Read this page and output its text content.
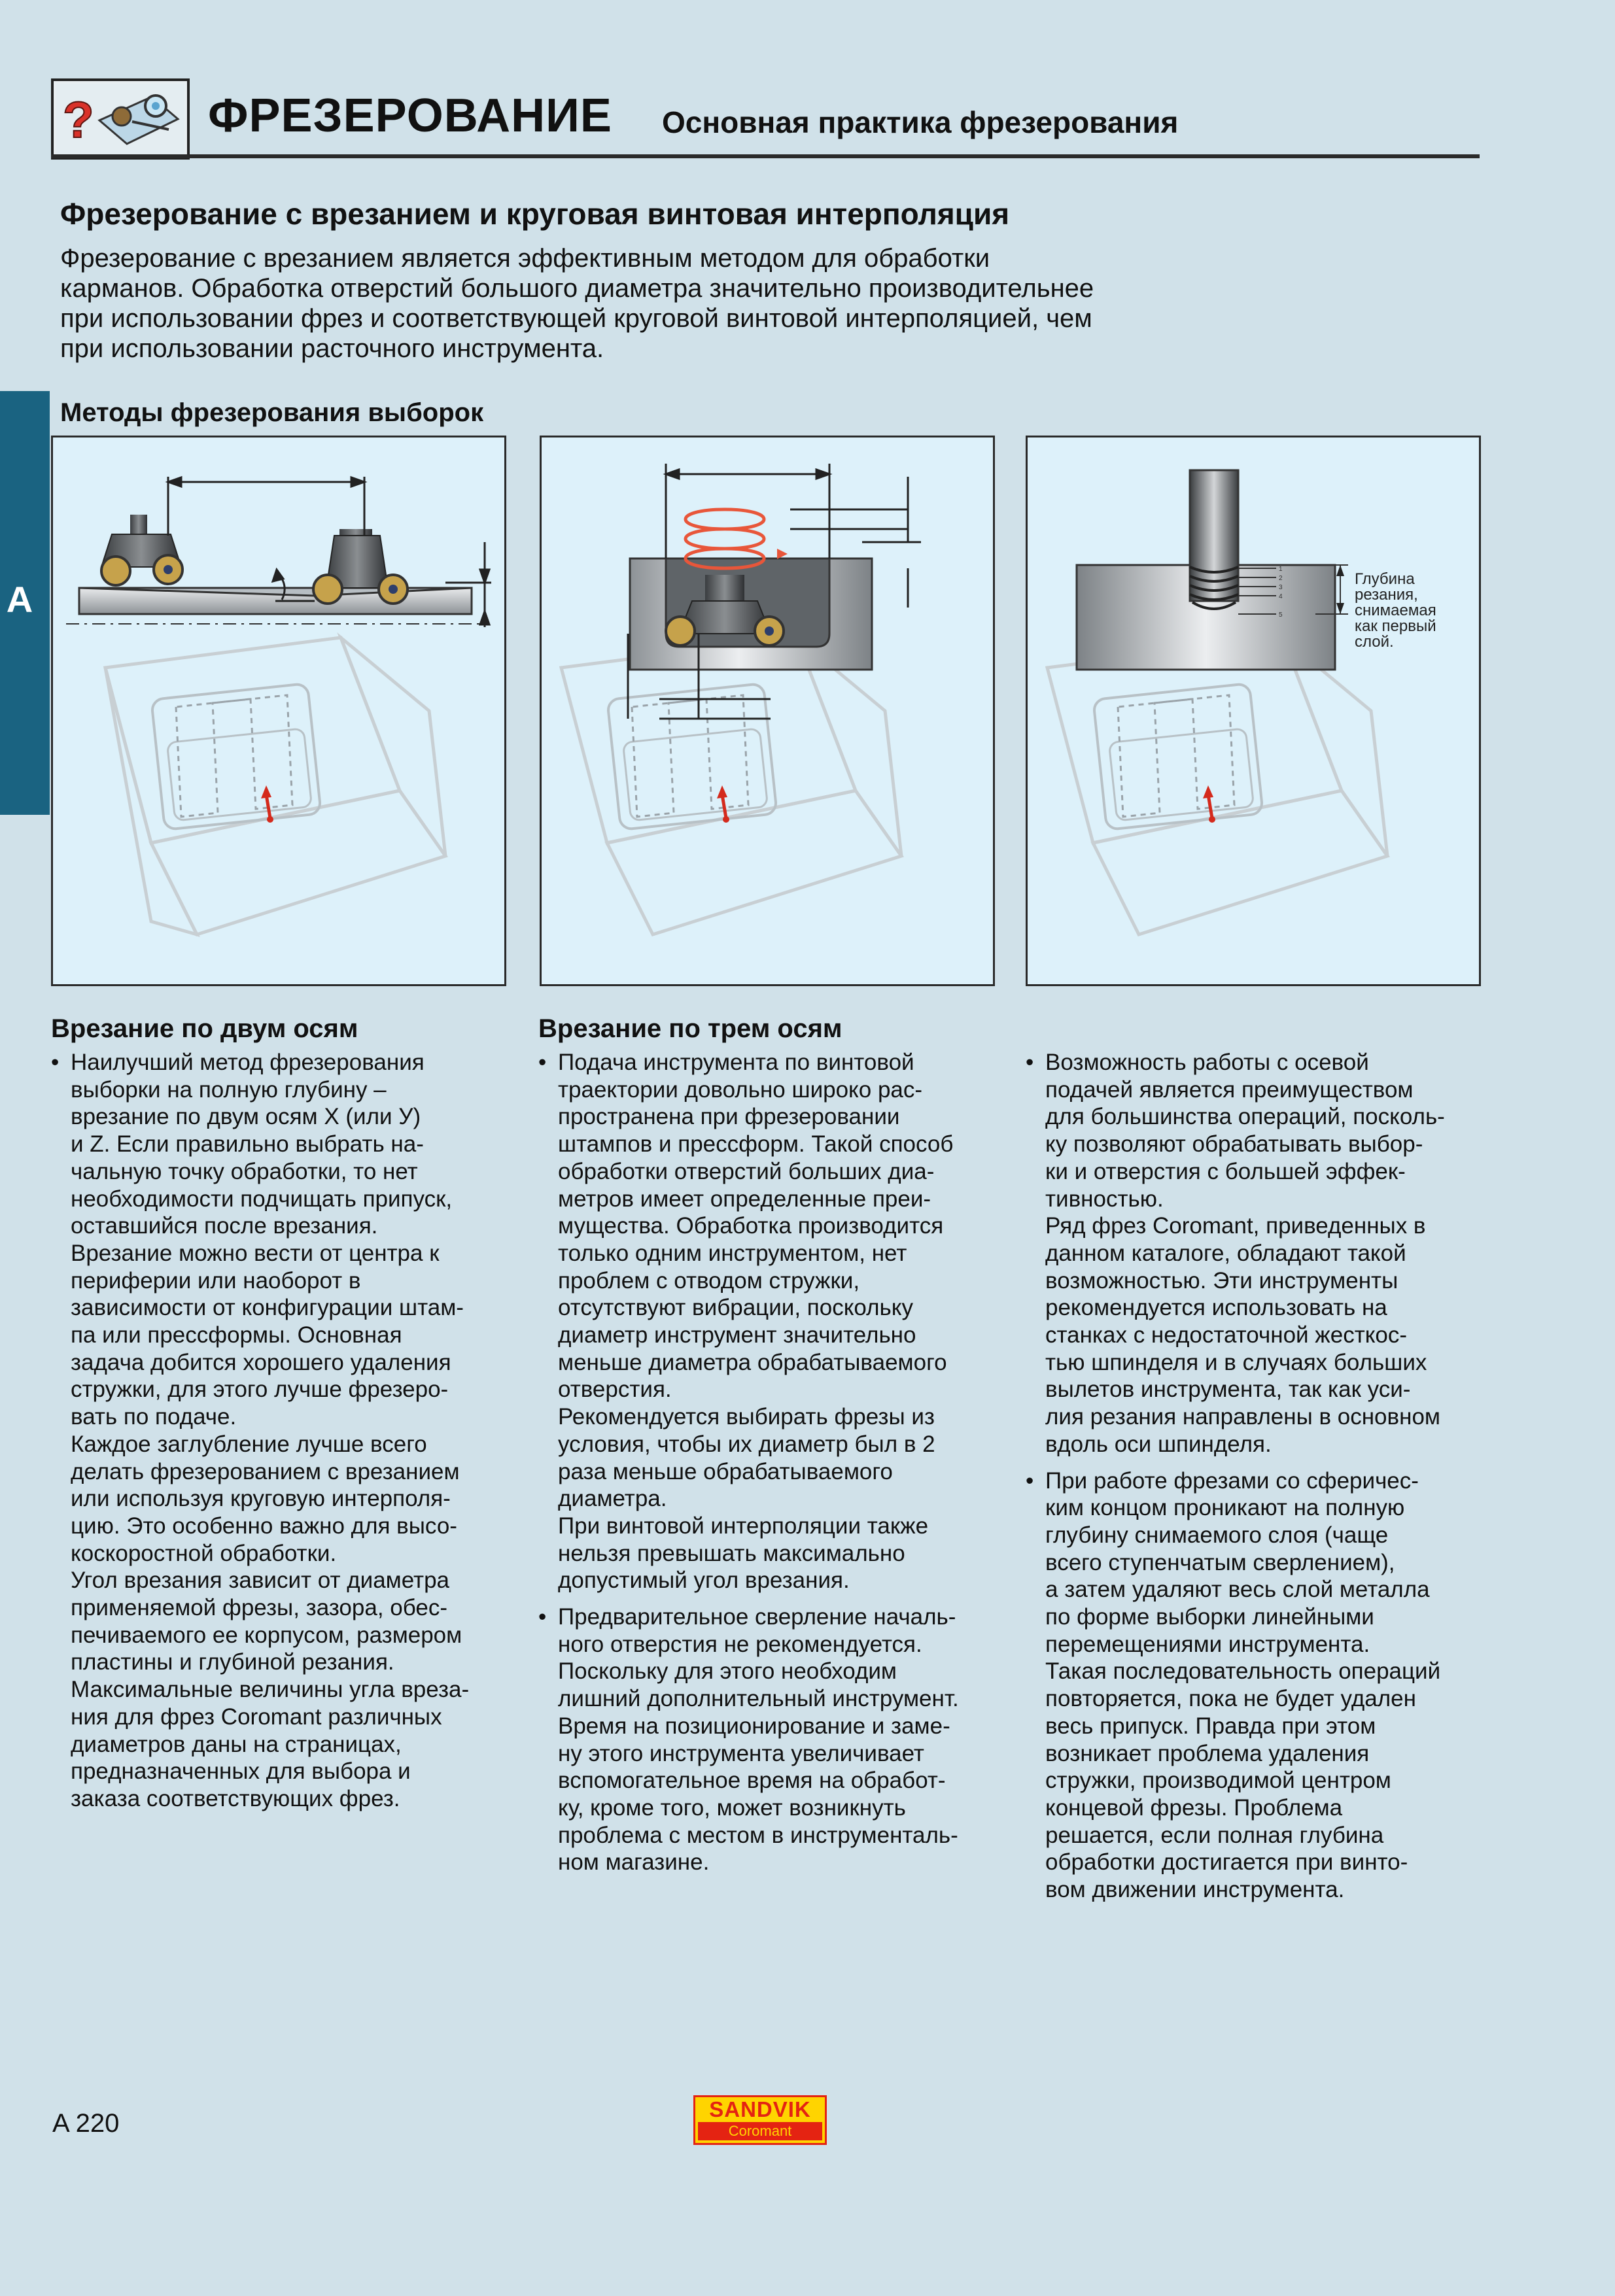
? ФРЕЗЕРОВАНИЕ Основная практика фрезерования
Фрезерование с врезанием и круговая винтовая интерполяция
Фрезерование с врезанием является эффективным методом для обработки
карманов. Обработка отверстий большого диаметра значительно производительнее
при использовании фрез и соответствующей круговой винтовой интерполяцией, чем
при использовании расточного инструмента.
A
Методы фрезерования выборок
1
2
3
4
5
Глубина
резания,
снимаемая
как первый
слой.
Врезание по двум осям
• Наилучший метод фрезерования
выборки на полную глубину –
врезание по двум осям X (или У)
и Z. Если правильно выбрать на-
чальную точку обработки, то нет
необходимости подчищать припуск,
оставшийся после врезания.
Врезание можно вести от центра к
периферии или наоборот в
зависимости от конфигурации штам-
па или прессформы. Основная
задача добится хорошего удаления
стружки, для этого лучше фрезеро-
вать по подаче.
Каждое заглубление лучше всего
делать фрезерованием с врезанием
или используя круговую интерполя-
цию. Это особенно важно для высо-
коскоростной обработки.
Угол врезания зависит от диаметра
применяемой фрезы, зазора, обес-
печиваемого ее корпусом, размером
пластины и глубиной резания.
Максимальные величины угла вреза-
ния для фрез Coromant различных
диаметров даны на страницах,
предназначенных для выбора и
заказа соответствующих фрез.
Врезание по трем осям
• Подача инструмента по винтовой
траектории довольно широко рас-
пространена при фрезеровании
штампов и прессформ. Такой способ
обработки отверстий больших диа-
метров имеет определенные преи-
мущества. Обработка производится
только одним инструментом, нет
проблем с отводом стружки,
отсутствуют вибрации, поскольку
диаметр инструмент значительно
меньше диаметра обрабатываемого
отверстия.
Рекомендуется выбирать фрезы из
условия, чтобы их диаметр был в 2
раза меньше обрабатываемого
диаметра.
При винтовой интерполяции также
нельзя превышать максимально
допустимый угол врезания.
• Предварительное сверление началь-
ного отверстия не рекомендуется.
Поскольку для этого необходим
лишний дополнительный инструмент.
Время на позиционирование и заме-
ну этого инструмента увеличивает
вспомогательное время на обработ-
ку, кроме того, может возникнуть
проблема с местом в инструменталь-
ном магазине.
• Возможность работы с осевой
подачей является преимуществом
для большинства операций, посколь-
ку позволяют обрабатывать выбор-
ки и отверстия с большей эффек-
тивностью.
Ряд фрез Coromant, приведенных в
данном каталоге, обладают такой
возможностью. Эти инструменты
рекомендуется использовать на
станках с недостаточной жесткос-
тью шпинделя и в случаях больших
вылетов инструмента, так как уси-
лия резания направлены в основном
вдоль оси шпинделя.
• При работе фрезами со сферичес-
ким концом проникают на полную
глубину снимаемого слоя (чаще
всего ступенчатым сверлением),
а затем удаляют весь слой металла
по форме выборки линейными
перемещениями инструмента.
Такая последовательность операций
повторяется, пока не будет удален
весь припуск. Правда при этом
возникает проблема удаления
стружки, производимой центром
концевой фрезы. Проблема
решается, если полная глубина
обработки достигается при винто-
вом движении инструмента.
A 220	SANDVIK
Coromant
